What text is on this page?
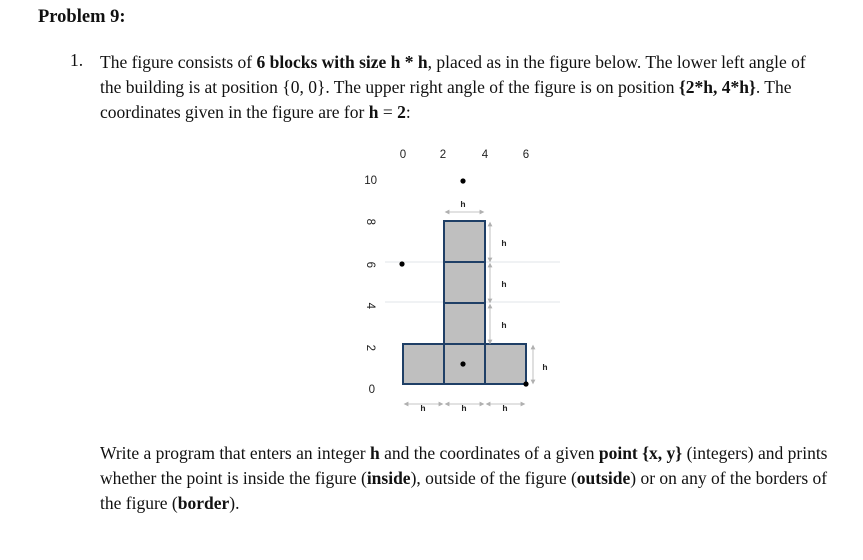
Problem 9:
1. The figure consists of 6 blocks with size h * h, placed as in the figure below. The lower left angle of the building is at position {0, 0}. The upper right angle of the figure is on position {2*h, 4*h}. The coordinates given in the figure are for h = 2:
0	2	4	6
10
8
6
4
2
0
h
h
h
h
h
h	h	h
Write a program that enters an integer h and the coordinates of a given point {x, y} (integers) and prints whether the point is inside the figure (inside), outside of the figure (outside) or on any of the borders of the figure (border).
